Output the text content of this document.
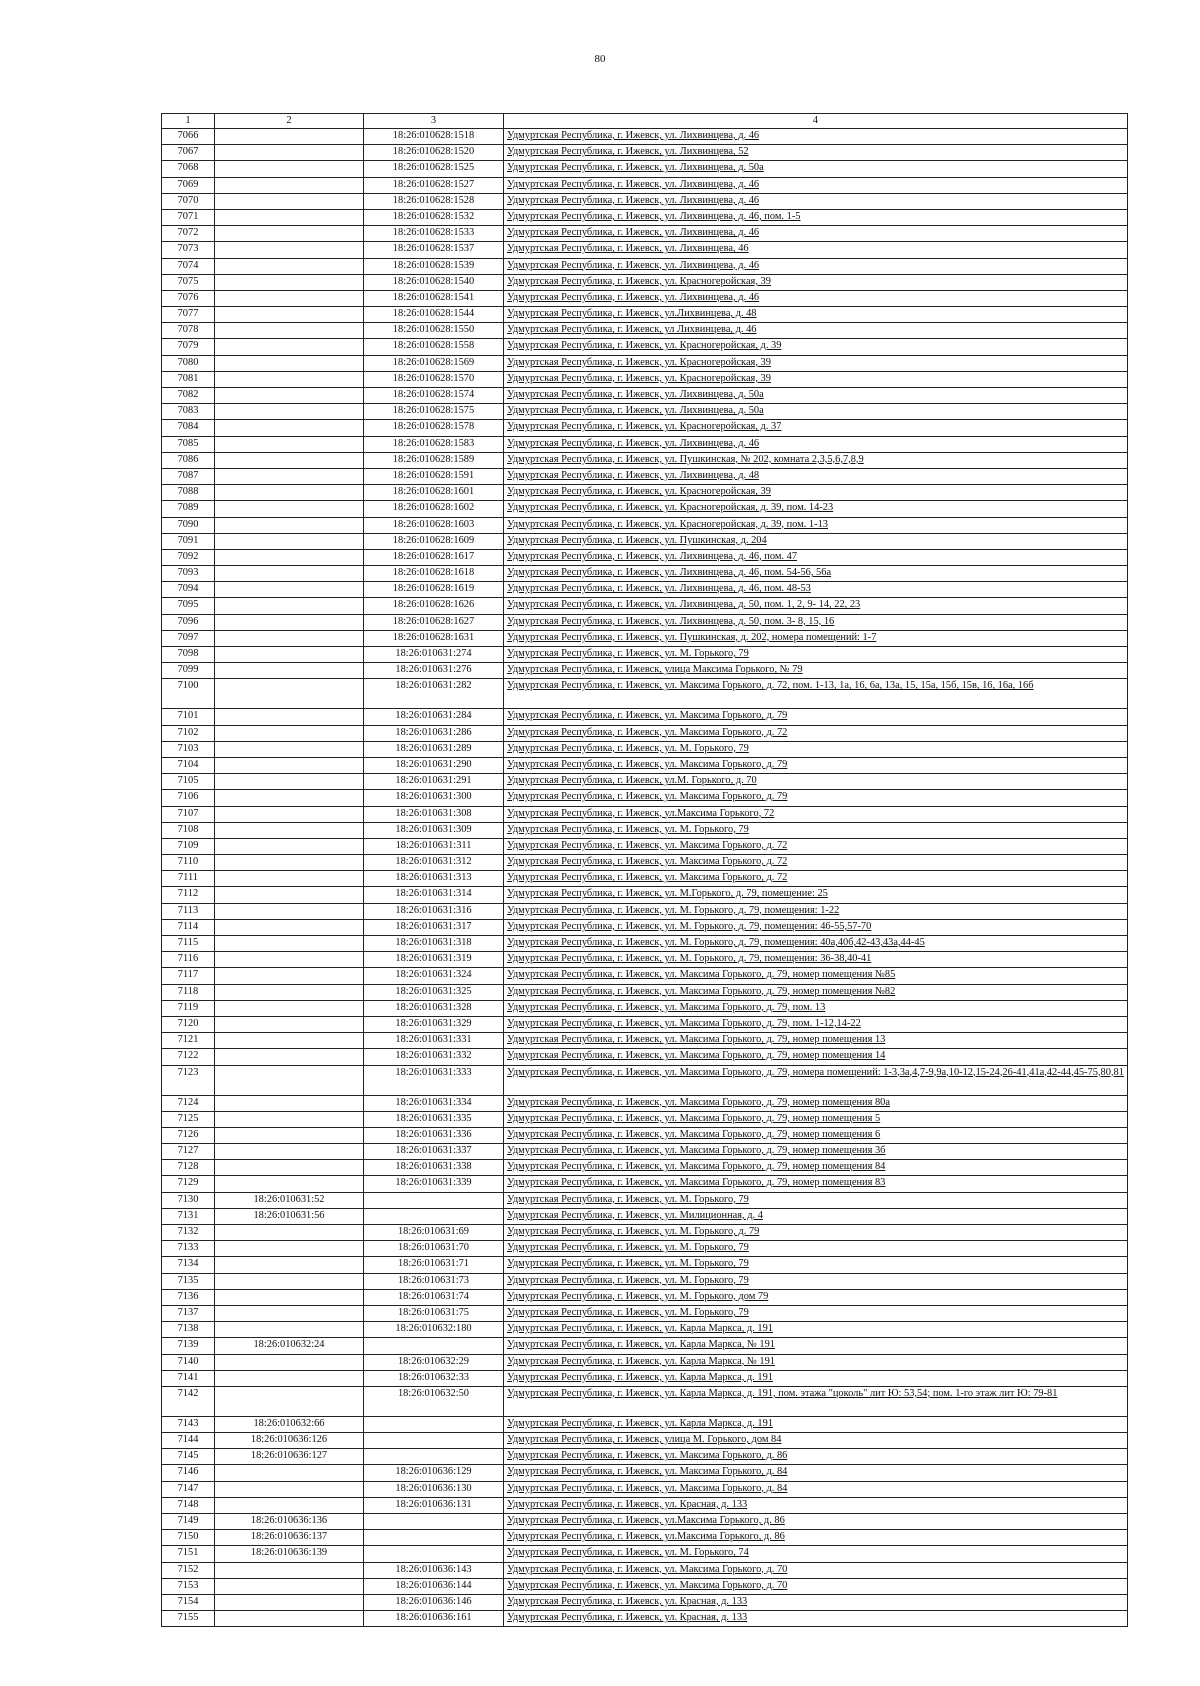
80
1	2	3	4
7066		18:26:010628:1518	Удмуртская Республика, г. Ижевск, ул. Лихвинцева, д. 46
7067		18:26:010628:1520	Удмуртская Республика, г. Ижевск, ул. Лихвинцева, 52
7068		18:26:010628:1525	Удмуртская Республика, г. Ижевск, ул. Лихвинцева, д. 50а
7069		18:26:010628:1527	Удмуртская Республика, г. Ижевск, ул. Лихвинцева, д. 46
7070		18:26:010628:1528	Удмуртская Республика, г. Ижевск, ул. Лихвинцева, д. 46
7071		18:26:010628:1532	Удмуртская Республика, г. Ижевск, ул. Лихвинцева, д. 46, пом. 1-5
7072		18:26:010628:1533	Удмуртская Республика, г. Ижевск, ул. Лихвинцева, д. 46
7073		18:26:010628:1537	Удмуртская Республика, г. Ижевск, ул. Лихвинцева, 46
7074		18:26:010628:1539	Удмуртская Республика, г. Ижевск, ул. Лихвинцева, д. 46
7075		18:26:010628:1540	Удмуртская Республика, г. Ижевск, ул. Красногеройская, 39
7076		18:26:010628:1541	Удмуртская Республика, г. Ижевск, ул. Лихвинцева, д. 46
7077		18:26:010628:1544	Удмуртская Республика, г. Ижевск, ул.Лихвинцева, д. 48
7078		18:26:010628:1550	Удмуртская Республика, г. Ижевск, ул Лихвинцева, д. 46
7079		18:26:010628:1558	Удмуртская Республика, г. Ижевск, ул. Красногеройская, д. 39
7080		18:26:010628:1569	Удмуртская Республика, г. Ижевск, ул. Красногеройская, 39
7081		18:26:010628:1570	Удмуртская Республика, г. Ижевск, ул. Красногеройская, 39
7082		18:26:010628:1574	Удмуртская Республика, г. Ижевск, ул. Лихвинцева, д. 50а
7083		18:26:010628:1575	Удмуртская Республика, г. Ижевск, ул. Лихвинцева, д. 50а
7084		18:26:010628:1578	Удмуртская Республика, г. Ижевск, ул. Красногеройская, д. 37
7085		18:26:010628:1583	Удмуртская Республика, г. Ижевск, ул. Лихвинцева, д. 46
7086		18:26:010628:1589	Удмуртская Республика, г. Ижевск, ул. Пушкинская, № 202, комната 2,3,5,6,7,8,9
7087		18:26:010628:1591	Удмуртская Республика, г. Ижевск, ул. Лихвинцева, д. 48
7088		18:26:010628:1601	Удмуртская Республика, г. Ижевск, ул. Красногеройская, 39
7089		18:26:010628:1602	Удмуртская Республика, г. Ижевск, ул. Красногеройская, д. 39, пом. 14-23
7090		18:26:010628:1603	Удмуртская Республика, г. Ижевск, ул. Красногеройская, д. 39, пом. 1-13
7091		18:26:010628:1609	Удмуртская Республика, г. Ижевск, ул. Пушкинская, д. 204
7092		18:26:010628:1617	Удмуртская Республика, г. Ижевск, ул. Лихвинцева, д. 46, пом. 47
7093		18:26:010628:1618	Удмуртская Республика, г. Ижевск, ул. Лихвинцева, д. 46, пом. 54-56, 56а
7094		18:26:010628:1619	Удмуртская Республика, г. Ижевск, ул. Лихвинцева, д. 46, пом. 48-53
7095		18:26:010628:1626	Удмуртская Республика, г. Ижевск, ул. Лихвинцева, д. 50, пом. 1, 2, 9- 14, 22, 23
7096		18:26:010628:1627	Удмуртская Республика, г. Ижевск, ул. Лихвинцева, д. 50, пом. 3- 8, 15, 16
7097		18:26:010628:1631	Удмуртская Республика, г. Ижевск, ул. Пушкинская, д. 202, номера помещений: 1-7
7098		18:26:010631:274	Удмуртская Республика, г. Ижевск, ул. М. Горького, 79
7099		18:26:010631:276	Удмуртская Республика, г. Ижевск, улица Максима Горького, № 79
7100		18:26:010631:282	Удмуртская Республика, г. Ижевск, ул. Максима Горького, д. 72, пом. 1-13, 1а, 16, 6а, 13а, 15, 15а, 15б, 15в, 16, 16а, 16б
7101		18:26:010631:284	Удмуртская Республика, г. Ижевск, ул. Максима Горького, д. 79
7102		18:26:010631:286	Удмуртская Республика, г. Ижевск, ул. Максима Горького, д. 72
7103		18:26:010631:289	Удмуртская Республика, г. Ижевск, ул. М. Горького, 79
7104		18:26:010631:290	Удмуртская Республика, г. Ижевск, ул. Максима Горького, д. 79
7105		18:26:010631:291	Удмуртская Республика, г. Ижевск, ул.М. Горького, д. 70
7106		18:26:010631:300	Удмуртская Республика, г. Ижевск, ул. Максима Горького, д. 79
7107		18:26:010631:308	Удмуртская Республика, г. Ижевск, ул.Максима Горького, 72
7108		18:26:010631:309	Удмуртская Республика, г. Ижевск, ул. М. Горького, 79
7109		18:26:010631:311	Удмуртская Республика, г. Ижевск, ул. Максима Горького, д. 72
7110		18:26:010631:312	Удмуртская Республика, г. Ижевск, ул. Максима Горького, д. 72
7111		18:26:010631:313	Удмуртская Республика, г. Ижевск, ул. Максима Горького, д. 72
7112		18:26:010631:314	Удмуртская Республика, г. Ижевск, ул. М.Горького, д. 79, помещение: 25
7113		18:26:010631:316	Удмуртская Республика, г. Ижевск, ул. М. Горького, д. 79, помещения: 1-22
7114		18:26:010631:317	Удмуртская Республика, г. Ижевск, ул. М. Горького, д. 79, помещения: 46-55,57-70
7115		18:26:010631:318	Удмуртская Республика, г. Ижевск, ул. М. Горького, д. 79, помещения: 40а,40б,42-43,43а,44-45
7116		18:26:010631:319	Удмуртская Республика, г. Ижевск, ул. М. Горького, д. 79, помещения: 36-38,40-41
7117		18:26:010631:324	Удмуртская Республика, г. Ижевск, ул. Максима Горького, д. 79, номер помещения №85
7118		18:26:010631:325	Удмуртская Республика, г. Ижевск, ул. Максима Горького, д. 79, номер помещения №82
7119		18:26:010631:328	Удмуртская Республика, г. Ижевск, ул. Максима Горького, д. 79, пом. 13
7120		18:26:010631:329	Удмуртская Республика, г. Ижевск, ул. Максима Горького, д. 79, пом. 1-12,14-22
7121		18:26:010631:331	Удмуртская Республика, г. Ижевск, ул. Максима Горького, д. 79, номер помещения 13
7122		18:26:010631:332	Удмуртская Республика, г. Ижевск, ул. Максима Горького, д. 79, номер помещения 14
7123		18:26:010631:333	Удмуртская Республика, г. Ижевск, ул. Максима Горького, д. 79, номера помещений: 1-3,3а,4,7-9,9а,10-12,15-24,26-41,41а,42-44,45-75,80,81
7124		18:26:010631:334	Удмуртская Республика, г. Ижевск, ул. Максима Горького, д. 79, номер помещения 80а
7125		18:26:010631:335	Удмуртская Республика, г. Ижевск, ул. Максима Горького, д. 79, номер помещения 5
7126		18:26:010631:336	Удмуртская Республика, г. Ижевск, ул. Максима Горького, д. 79, номер помещения 6
7127		18:26:010631:337	Удмуртская Республика, г. Ижевск, ул. Максима Горького, д. 79, номер помещения 3б
7128		18:26:010631:338	Удмуртская Республика, г. Ижевск, ул. Максима Горького, д. 79, номер помещения 84
7129		18:26:010631:339	Удмуртская Республика, г. Ижевск, ул. Максима Горького, д. 79, номер помещения 83
7130	18:26:010631:52		Удмуртская Республика, г. Ижевск, ул. М. Горького, 79
7131	18:26:010631:56		Удмуртская Республика, г. Ижевск, ул. Милиционная, д. 4
7132		18:26:010631:69	Удмуртская Республика, г. Ижевск, ул. М. Горького, д. 79
7133		18:26:010631:70	Удмуртская Республика, г. Ижевск, ул. М. Горького, 79
7134		18:26:010631:71	Удмуртская Республика, г. Ижевск, ул. М. Горького, 79
7135		18:26:010631:73	Удмуртская Республика, г. Ижевск, ул. М. Горького, 79
7136		18:26:010631:74	Удмуртская Республика, г. Ижевск, ул. М. Горького, дом 79
7137		18:26:010631:75	Удмуртская Республика, г. Ижевск, ул. М. Горького, 79
7138		18:26:010632:180	Удмуртская Республика, г. Ижевск, ул. Карла Маркса, д. 191
7139	18:26:010632:24		Удмуртская Республика, г. Ижевск, ул. Карла Маркса, № 191
7140		18:26:010632:29	Удмуртская Республика, г. Ижевск, ул. Карла Маркса, № 191
7141		18:26:010632:33	Удмуртская Республика, г. Ижевск, ул. Карла Маркса, д. 191
7142		18:26:010632:50	Удмуртская Республика, г. Ижевск, ул. Карла Маркса, д. 191, пом. этажа "цоколь" лит Ю: 53,54; пом. 1-го этаж лит Ю: 79-81
7143	18:26:010632:66		Удмуртская Республика, г. Ижевск, ул. Карла Маркса, д. 191
7144	18:26:010636:126		Удмуртская Республика, г. Ижевск, улица М. Горького, дом 84
7145	18:26:010636:127		Удмуртская Республика, г. Ижевск, ул. Максима Горького, д. 86
7146		18:26:010636:129	Удмуртская Республика, г. Ижевск, ул. Максима Горького, д. 84
7147		18:26:010636:130	Удмуртская Республика, г. Ижевск, ул. Максима Горького, д. 84
7148		18:26:010636:131	Удмуртская Республика, г. Ижевск, ул. Красная, д. 133
7149	18:26:010636:136		Удмуртская Республика, г. Ижевск, ул.Максима Горького, д. 86
7150	18:26:010636:137		Удмуртская Республика, г. Ижевск, ул.Максима Горького, д. 86
7151	18:26:010636:139		Удмуртская Республика, г. Ижевск, ул. М. Горького, 74
7152		18:26:010636:143	Удмуртская Республика, г. Ижевск, ул. Максима Горького, д. 70
7153		18:26:010636:144	Удмуртская Республика, г. Ижевск, ул. Максима Горького, д. 70
7154		18:26:010636:146	Удмуртская Республика, г. Ижевск, ул. Красная, д. 133
7155		18:26:010636:161	Удмуртская Республика, г. Ижевск, ул. Красная, д. 133
